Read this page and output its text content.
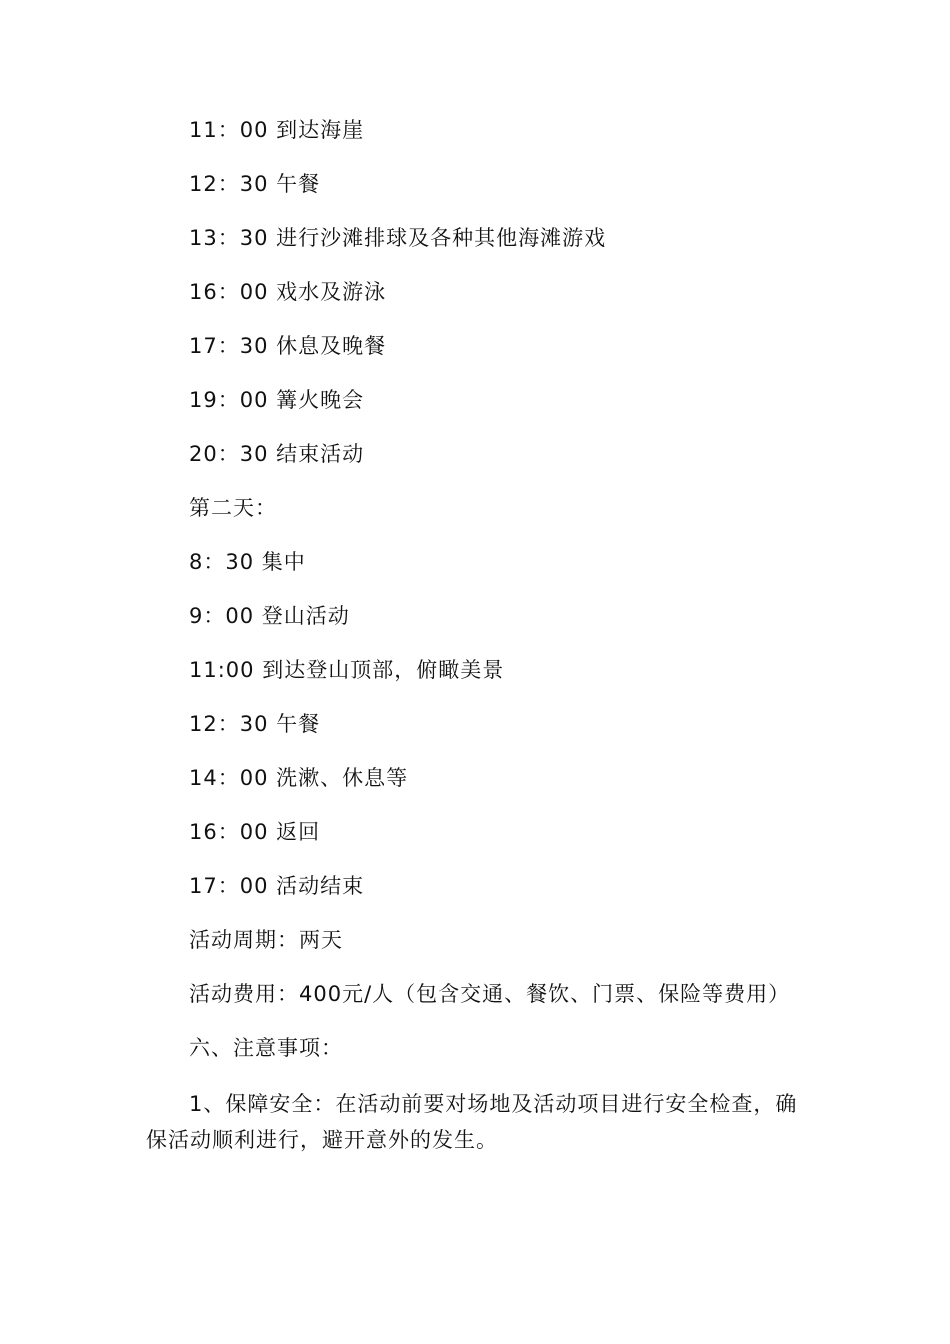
11：00 到达海崖
12：30 午餐
13：30 进行沙滩排球及各种其他海滩游戏
16：00 戏水及游泳
17：30 休息及晚餐
19：00 篝火晚会
20：30 结束活动
第二天：
8：30 集中
9：00 登山活动
11:00 到达登山顶部，俯瞰美景
12：30 午餐
14：00 洗漱、休息等
16：00 返回
17：00 活动结束
活动周期：两天
活动费用：400元/人（包含交通、餐饮、门票、保险等费用）
六、注意事项：
1、保障安全：在活动前要对场地及活动项目进行安全检查，确保活动顺利进行，避开意外的发生。
